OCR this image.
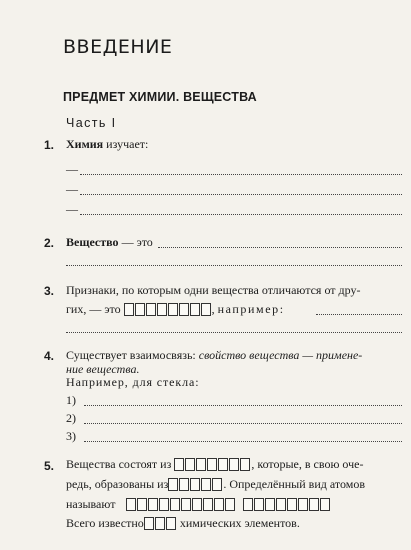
ВВЕДЕНИЕ
ПРЕДМЕТ ХИМИИ. ВЕЩЕСТВА
Часть I
1. Химия изучает:
—
—
—
2. Вещество — это
3. Признаки, по которым одни вещества отличаются от дру-
гих, — это	, например:
4. Существует взаимосвязь: свойство вещества — примене-
ние вещества.
Например, для стекла:
1)
2)
3)
5. Вещества состоят из	, которые, в свою оче-
редь, образованы из	. Определённый вид атомов
называют
Всего известно	химических элементов.
